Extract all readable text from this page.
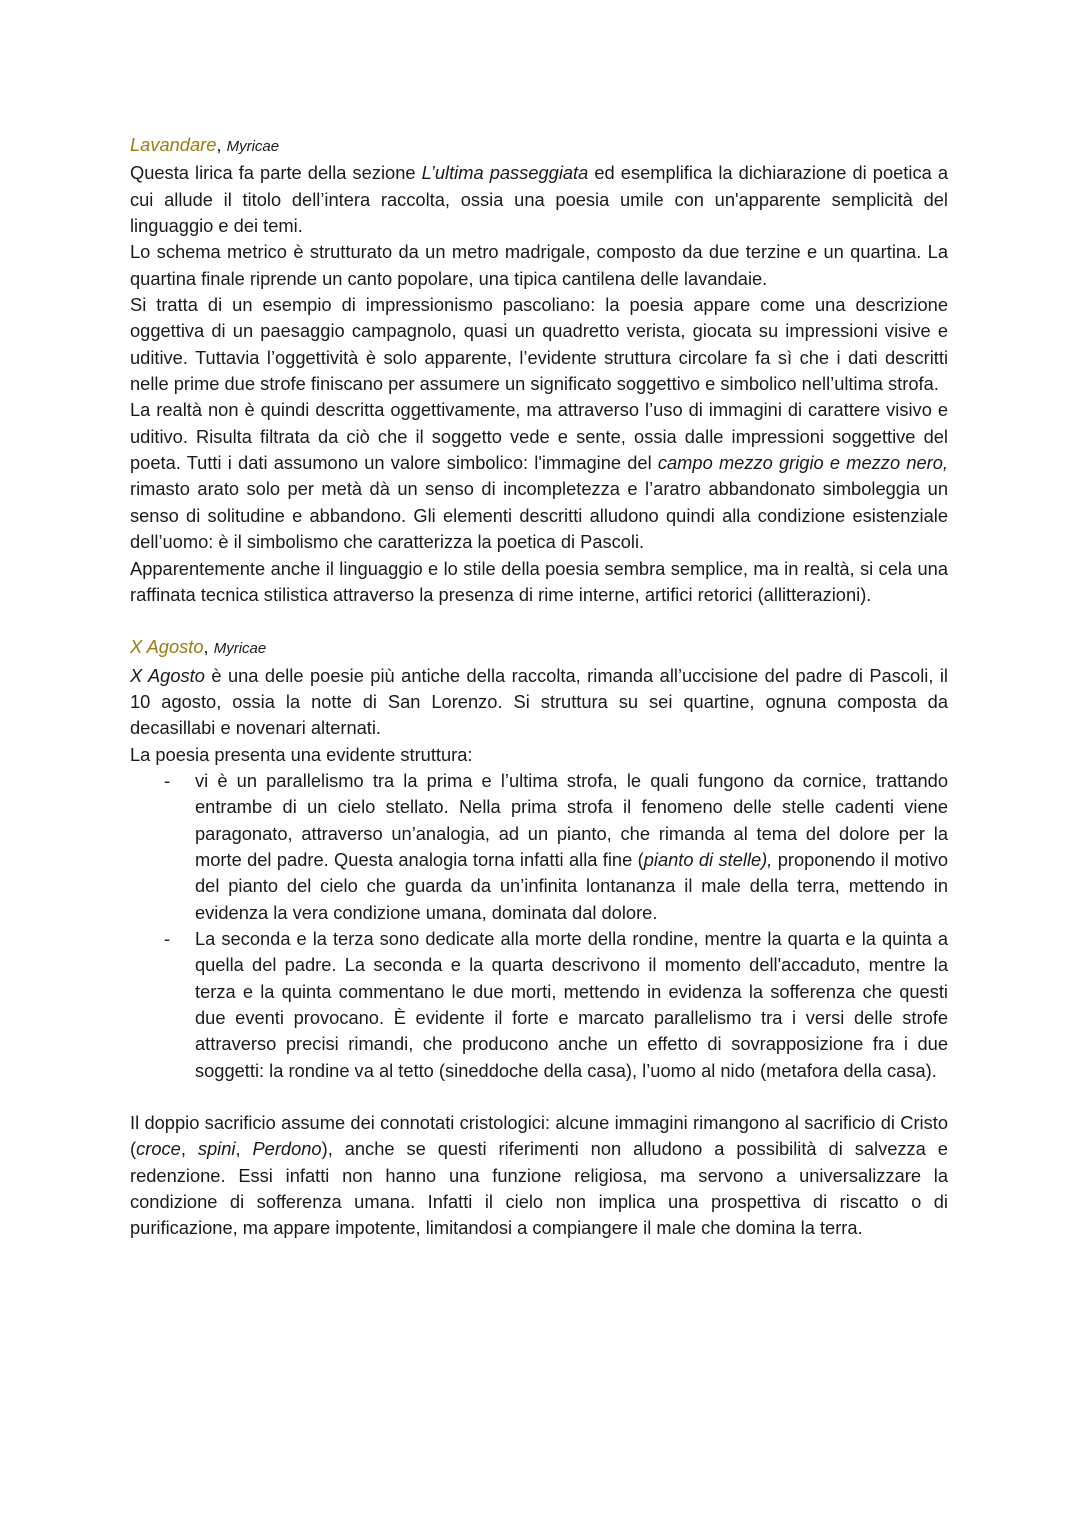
Lavandare, Myricae

Questa lirica fa parte della sezione L’ultima passeggiata ed esemplifica la dichiarazione di poetica a cui allude il titolo dell’intera raccolta, ossia una poesia umile con un'apparente semplicità del linguaggio e dei temi.

Lo schema metrico è strutturato da un metro madrigale, composto da due terzine e un quartina. La quartina finale riprende un canto popolare, una tipica cantilena delle lavandaie.

Si tratta di un esempio di impressionismo pascoliano: la poesia appare come una descrizione oggettiva di un paesaggio campagnolo, quasi un quadretto verista, giocata su impressioni visive e uditive. Tuttavia l’oggettività è solo apparente, l’evidente struttura circolare fa sì che i dati descritti nelle prime due strofe finiscano per assumere un significato soggettivo e simbolico nell’ultima strofa.

La realtà non è quindi descritta oggettivamente, ma attraverso l’uso di immagini di carattere visivo e uditivo. Risulta filtrata da ciò che il soggetto vede e sente, ossia dalle impressioni soggettive del poeta. Tutti i dati assumono un valore simbolico: l'immagine del campo mezzo grigio e mezzo nero, rimasto arato solo per metà dà un senso di incompletezza e l’aratro abbandonato simboleggia un senso di solitudine e abbandono. Gli elementi descritti alludono quindi alla condizione esistenziale dell’uomo: è il simbolismo che caratterizza la poetica di Pascoli.

Apparentemente anche il linguaggio e lo stile della poesia sembra semplice, ma in realtà, si cela una raffinata tecnica stilistica attraverso la presenza di rime interne, artifici retorici (allitterazioni).

X Agosto, Myricae

X Agosto è una delle poesie più antiche della raccolta, rimanda all’uccisione del padre di Pascoli, il 10 agosto, ossia la notte di San Lorenzo. Si struttura su sei quartine, ognuna composta da decasillabi e novenari alternati.

La poesia presenta una evidente struttura:

- vi è un parallelismo tra la prima e l’ultima strofa, le quali fungono da cornice, trattando entrambe di un cielo stellato. Nella prima strofa il fenomeno delle stelle cadenti viene paragonato, attraverso un’analogia, ad un pianto, che rimanda al tema del dolore per la morte del padre. Questa analogia torna infatti alla fine (pianto di stelle), proponendo il motivo del pianto del cielo che guarda da un’infinita lontananza il male della terra, mettendo in evidenza la vera condizione umana, dominata dal dolore.
- La seconda e la terza sono dedicate alla morte della rondine, mentre la quarta e la quinta a quella del padre. La seconda e la quarta descrivono il momento dell'accaduto, mentre la terza e la quinta commentano le due morti, mettendo in evidenza la sofferenza che questi due eventi provocano. È evidente il forte e marcato parallelismo tra i versi delle strofe attraverso precisi rimandi, che producono anche un effetto di sovrapposizione fra i due soggetti: la rondine va al tetto (sineddoche della casa), l’uomo al nido (metafora della casa).

Il doppio sacrificio assume dei connotati cristologici: alcune immagini rimangono al sacrificio di Cristo (croce, spini, Perdono), anche se questi riferimenti non alludono a possibilità di salvezza e redenzione. Essi infatti non hanno una funzione religiosa, ma servono a universalizzare la condizione di sofferenza umana. Infatti il cielo non implica una prospettiva di riscatto o di purificazione, ma appare impotente, limitandosi a compiangere il male che domina la terra.
